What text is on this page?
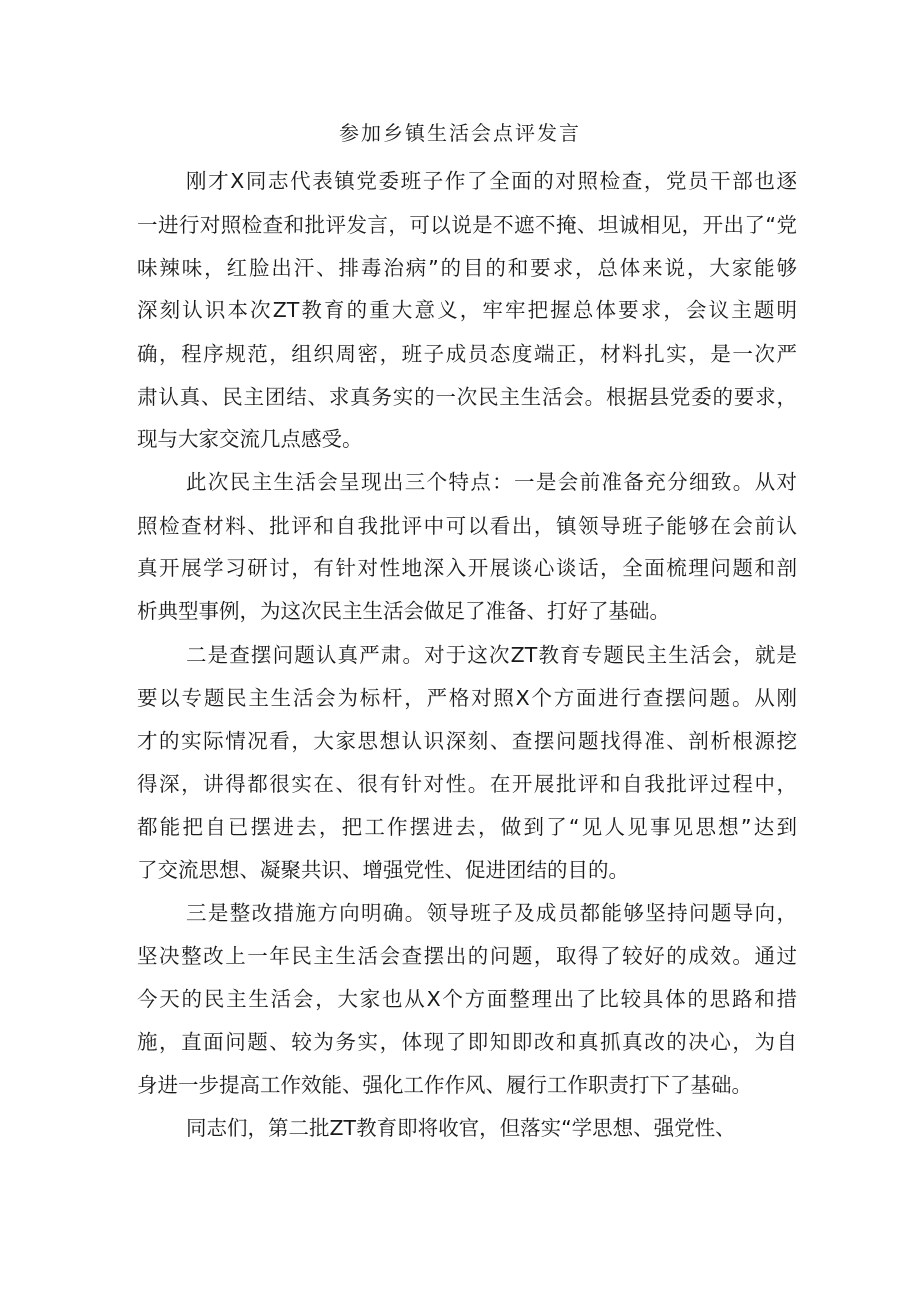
参加乡镇生活会点评发言
刚才X同志代表镇党委班子作了全面的对照检查，党员干部也逐
一进行对照检查和批评发言，可以说是不遮不掩、坦诚相见，开出了“党
味辣味，红脸出汗、排毒治病”的目的和要求，总体来说，大家能够
深刻认识本次ZT教育的重大意义，牢牢把握总体要求，会议主题明
确，程序规范，组织周密，班子成员态度端正，材料扎实，是一次严
肃认真、民主团结、求真务实的一次民主生活会。根据县党委的要求，
现与大家交流几点感受。
此次民主生活会呈现出三个特点：一是会前准备充分细致。从对
照检查材料、批评和自我批评中可以看出，镇领导班子能够在会前认
真开展学习研讨，有针对性地深入开展谈心谈话，全面梳理问题和剖
析典型事例，为这次民主生活会做足了准备、打好了基础。
二是查摆问题认真严肃。对于这次ZT教育专题民主生活会，就是
要以专题民主生活会为标杆，严格对照X个方面进行查摆问题。从刚
才的实际情况看，大家思想认识深刻、查摆问题找得准、剖析根源挖
得深，讲得都很实在、很有针对性。在开展批评和自我批评过程中，
都能把自已摆进去，把工作摆进去，做到了“见人见事见思想”达到
了交流思想、凝聚共识、增强党性、促进团结的目的。
三是整改措施方向明确。领导班子及成员都能够坚持问题导向，
坚决整改上一年民主生活会查摆出的问题，取得了较好的成效。通过
今天的民主生活会，大家也从X个方面整理出了比较具体的思路和措
施，直面问题、较为务实，体现了即知即改和真抓真改的决心，为自
身进一步提高工作效能、强化工作作风、履行工作职责打下了基础。
同志们，第二批ZT教育即将收官，但落实“学思想、强党性、
